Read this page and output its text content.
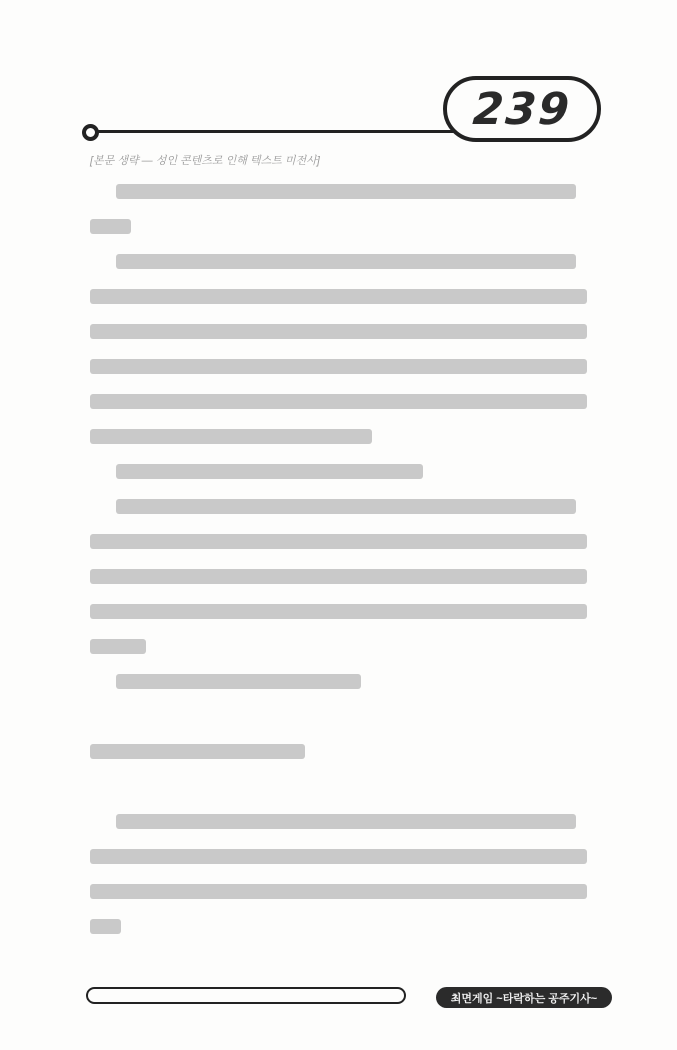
239
[본문 생략 — 성인 콘텐츠로 인해 텍스트 미전사]
최면게임 ~타락하는 공주기사~
